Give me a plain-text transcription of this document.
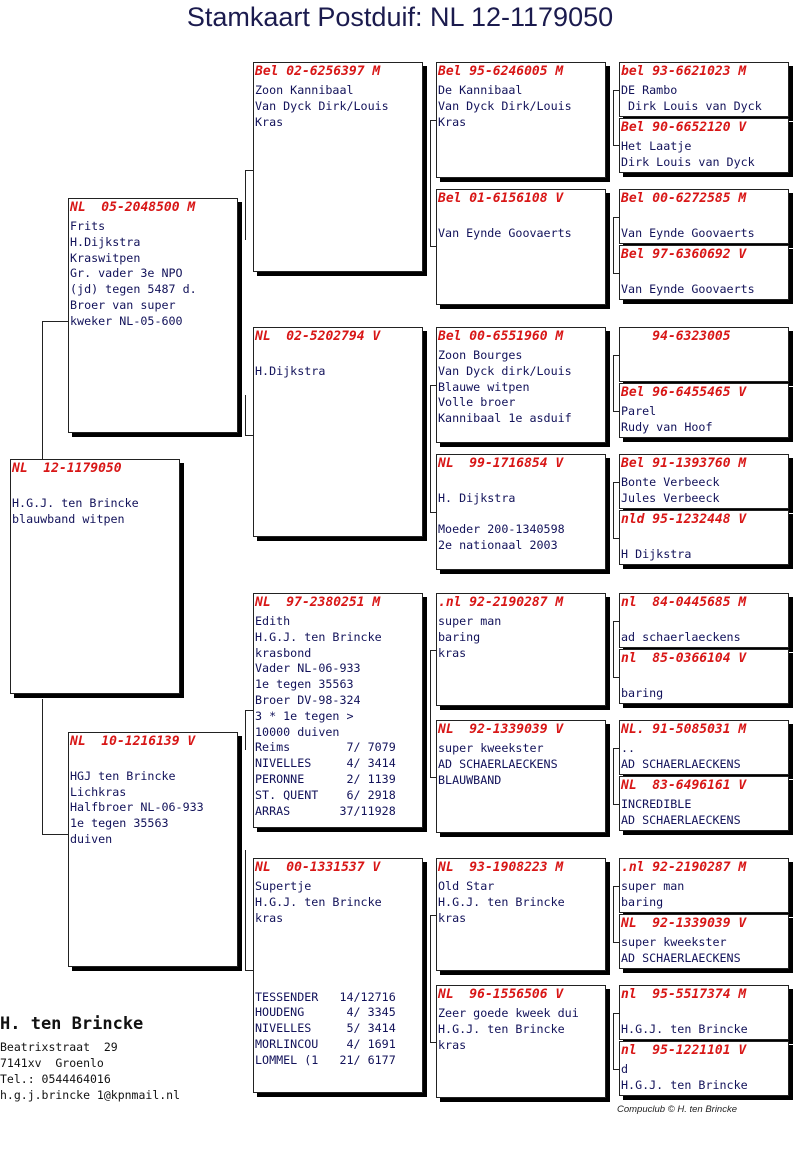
Stamkaart Postduif: NL 12-1179050
NL  12-1179050
H.G.J. ten Brincke
blauwband witpen
NL  05-2048500 M
Frits
H.Dijkstra
Kraswitpen
Gr. vader 3e NPO
(jd) tegen 5487 d.
Broer van super
kweker NL-05-600
NL  10-1216139 V
HGJ ten Brincke
Lichkras
Halfbroer NL-06-933
1e tegen 35563
duiven
Bel 02-6256397 M
Zoon Kannibaal
Van Dyck Dirk/Louis
Kras
NL  02-5202794 V
H.Dijkstra
NL  97-2380251 M
Edith
H.G.J. ten Brincke
krasbond
Vader NL-06-933
1e tegen 35563
Broer DV-98-324
3 * 1e tegen >
10000 duiven
Reims        7/ 7079
NIVELLES     4/ 3414
PERONNE      2/ 1139
ST. QUENT    6/ 2918
ARRAS       37/11928
NL  00-1331537 V
Supertje
H.G.J. ten Brincke
kras
TESSENDER   14/12716
HOUDENG      4/ 3345
NIVELLES     5/ 3414
MORLINCOU    4/ 1691
LOMMEL (1   21/ 6177
Bel 95-6246005 M
De Kannibaal
Van Dyck Dirk/Louis
Kras
Bel 01-6156108 V
Van Eynde Goovaerts
Bel 00-6551960 M
Zoon Bourges
Van Dyck dirk/Louis
Blauwe witpen
Volle broer
Kannibaal 1e asduif
NL  99-1716854 V
H. Dijkstra
Moeder 200-1340598
2e nationaal 2003
.nl 92-2190287 M
super man
baring
kras
NL  92-1339039 V
super kweekster
AD SCHAERLAECKENS
BLAUWBAND
NL  93-1908223 M
Old Star
H.G.J. ten Brincke
kras
NL  96-1556506 V
Zeer goede kweek dui
H.G.J. ten Brincke
kras
bel 93-6621023 M
DE Rambo
Dirk Louis van Dyck
Bel 90-6652120 V
Het Laatje
Dirk Louis van Dyck
Bel 00-6272585 M
Van Eynde Goovaerts
Bel 97-6360692 V
Van Eynde Goovaerts
94-6323005
Bel 96-6455465 V
Parel
Rudy van Hoof
Bel 91-1393760 M
Bonte Verbeeck
Jules Verbeeck
nld 95-1232448 V
H Dijkstra
nl  84-0445685 M
ad schaerlaeckens
nl  85-0366104 V
baring
NL. 91-5085031 M
..
AD SCHAERLAECKENS
NL  83-6496161 V
INCREDIBLE
AD SCHAERLAECKENS
.nl 92-2190287 M
super man
baring
NL  92-1339039 V
super kweekster
AD SCHAERLAECKENS
nl  95-5517374 M
H.G.J. ten Brincke
nl  95-1221101 V
d
H.G.J. ten Brincke
H. ten Brincke
Beatrixstraat  29
7141xv  Groenlo
Tel.: 0544464016
h.g.j.brincke 1@kpnmail.nl
Compuclub © H. ten Brincke
